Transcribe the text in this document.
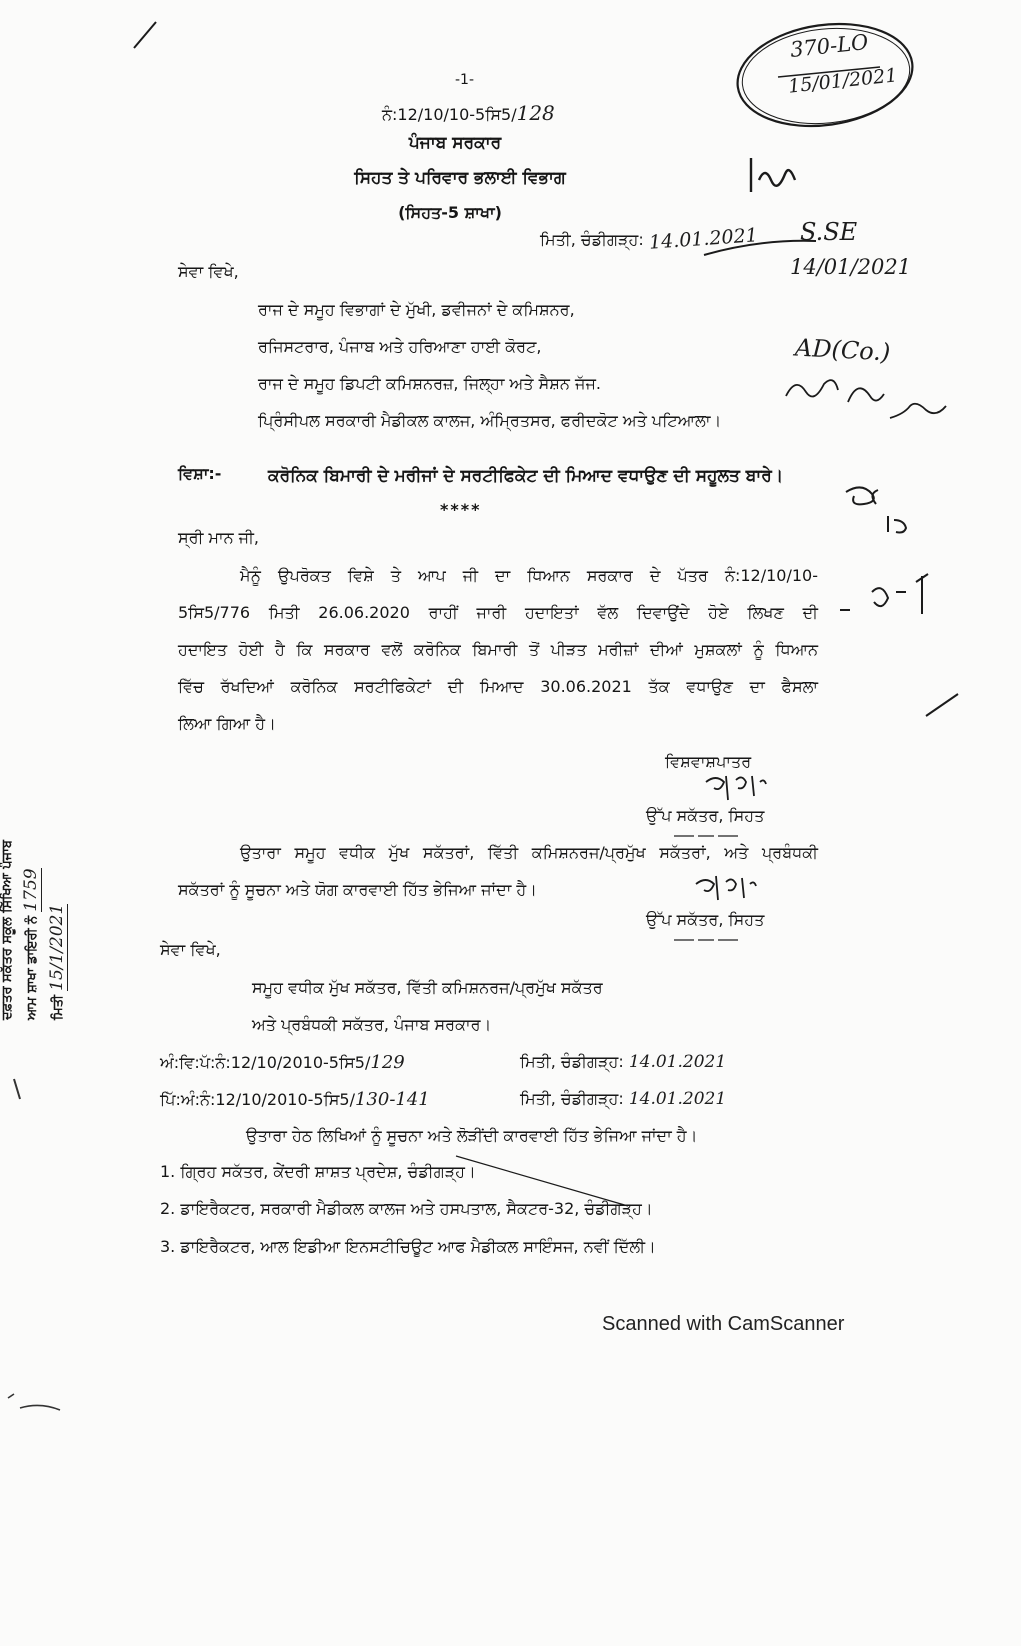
-1-
ਨੰ:12/10/10-5ਸਿ5/128
ਪੰਜਾਬ ਸਰਕਾਰ
ਸਿਹਤ ਤੇ ਪਰਿਵਾਰ ਭਲਾਈ ਵਿਭਾਗ
(ਸਿਹਤ-5 ਸ਼ਾਖਾ)
ਮਿਤੀ, ਚੰਡੀਗੜ੍ਹ: 14.01.2021
370-LO
15/01/2021
S.SE
14/01/2021
AD(Co.)
ਸੇਵਾ ਵਿਖੇ,
ਰਾਜ ਦੇ ਸਮੂਹ ਵਿਭਾਗਾਂ ਦੇ ਮੁੱਖੀ, ਡਵੀਜਨਾਂ ਦੇ ਕਮਿਸ਼ਨਰ,
ਰਜਿਸਟਰਾਰ, ਪੰਜਾਬ ਅਤੇ ਹਰਿਆਣਾ ਹਾਈ ਕੋਰਟ,
ਰਾਜ ਦੇ ਸਮੂਹ ਡਿਪਟੀ ਕਮਿਸ਼ਨਰਜ਼, ਜਿਲ੍ਹਾ ਅਤੇ ਸੈਸ਼ਨ ਜੱਜ.
ਪ੍ਰਿੰਸੀਪਲ ਸਰਕਾਰੀ ਮੈਡੀਕਲ ਕਾਲਜ, ਅੰਮ੍ਰਿਤਸਰ, ਫਰੀਦਕੋਟ ਅਤੇ ਪਟਿਆਲਾ।
ਵਿਸ਼ਾ:-	ਕਰੋਨਿਕ ਬਿਮਾਰੀ ਦੇ ਮਰੀਜਾਂ ਦੇ ਸਰਟੀਫਿਕੇਟ ਦੀ ਮਿਆਦ ਵਧਾਉਣ ਦੀ ਸਹੂਲਤ ਬਾਰੇ।
****
ਸ੍ਰੀ ਮਾਨ ਜੀ,
ਮੈਨੂੰ ਉਪਰੋਕਤ ਵਿਸ਼ੇ ਤੇ ਆਪ ਜੀ ਦਾ ਧਿਆਨ ਸਰਕਾਰ ਦੇ ਪੱਤਰ ਨੰ:12/10/10-
5ਸਿ5/776 ਮਿਤੀ 26.06.2020 ਰਾਹੀਂ ਜਾਰੀ ਹਦਾਇਤਾਂ ਵੱਲ ਦਿਵਾਉਂਦੇ ਹੋਏ ਲਿਖਣ ਦੀ
ਹਦਾਇਤ ਹੋਈ ਹੈ ਕਿ ਸਰਕਾਰ ਵਲੋਂ ਕਰੋਨਿਕ ਬਿਮਾਰੀ ਤੋਂ ਪੀੜਤ ਮਰੀਜ਼ਾਂ ਦੀਆਂ ਮੁਸ਼ਕਲਾਂ ਨੂੰ ਧਿਆਨ
ਵਿੱਚ ਰੱਖਦਿਆਂ ਕਰੋਨਿਕ ਸਰਟੀਫਿਕੇਟਾਂ ਦੀ ਮਿਆਦ 30.06.2021 ਤੱਕ ਵਧਾਉਣ ਦਾ ਫੈਸਲਾ
ਲਿਆ ਗਿਆ ਹੈ।
ਵਿਸ਼ਵਾਸ਼ਪਾਤਰ
ਉੱਪ ਸਕੱਤਰ, ਸਿਹਤ
ਉਤਾਰਾ ਸਮੂਹ ਵਧੀਕ ਮੁੱਖ ਸਕੱਤਰਾਂ, ਵਿੱਤੀ ਕਮਿਸ਼ਨਰਜ/ਪ੍ਰਮੁੱਖ ਸਕੱਤਰਾਂ, ਅਤੇ ਪ੍ਰਬੰਧਕੀ
ਸਕੱਤਰਾਂ ਨੂੰ ਸੂਚਨਾ ਅਤੇ ਯੋਗ ਕਾਰਵਾਈ ਹਿੱਤ ਭੇਜਿਆ ਜਾਂਦਾ ਹੈ।
ਉੱਪ ਸਕੱਤਰ, ਸਿਹਤ
ਸੇਵਾ ਵਿਖੇ,
ਸਮੂਹ ਵਧੀਕ ਮੁੱਖ ਸਕੱਤਰ, ਵਿੱਤੀ ਕਮਿਸ਼ਨਰਜ/ਪ੍ਰਮੁੱਖ ਸਕੱਤਰ
ਅਤੇ ਪ੍ਰਬੰਧਕੀ ਸਕੱਤਰ, ਪੰਜਾਬ ਸਰਕਾਰ।
ਅੰ:ਵਿ:ਪੱ:ਨੰ:12/10/2010-5ਸਿ5/129	ਮਿਤੀ, ਚੰਡੀਗੜ੍ਹ: 14.01.2021
ਪਿੱ:ਅੰ:ਨੰ:12/10/2010-5ਸਿ5/130-141	ਮਿਤੀ, ਚੰਡੀਗੜ੍ਹ: 14.01.2021
ਉਤਾਰਾ ਹੇਠ ਲਿਖਿਆਂ ਨੂੰ ਸੂਚਨਾ ਅਤੇ ਲੋੜੀਂਦੀ ਕਾਰਵਾਈ ਹਿੱਤ ਭੇਜਿਆ ਜਾਂਦਾ ਹੈ।
1. ਗ੍ਰਿਹ ਸਕੱਤਰ, ਕੇਂਦਰੀ ਸ਼ਾਸ਼ਤ ਪ੍ਰਦੇਸ਼, ਚੰਡੀਗੜ੍ਹ।
2. ਡਾਇਰੈਕਟਰ, ਸਰਕਾਰੀ ਮੈਡੀਕਲ ਕਾਲਜ ਅਤੇ ਹਸਪਤਾਲ, ਸੈਕਟਰ-32, ਚੰਡੀਗੜ੍ਹ।
3. ਡਾਇਰੈਕਟਰ, ਆਲ ਇਡੀਆ ਇਨਸਟੀਚਿਊਟ ਆਫ ਮੈਡੀਕਲ ਸਾਇੰਸਜ, ਨਵੀਂ ਦਿੱਲੀ।
ਦਫ਼ਤਰ ਸਕੱਤਰ ਸਕੂਲ ਸਿੱਖਿਆ ਪੰਜਾਬ ਆਮ ਸ਼ਾਖਾ ਡਾਇਰੀ ਨੰ 1759
ਮਿਤੀ 15/1/2021
Scanned with CamScanner
